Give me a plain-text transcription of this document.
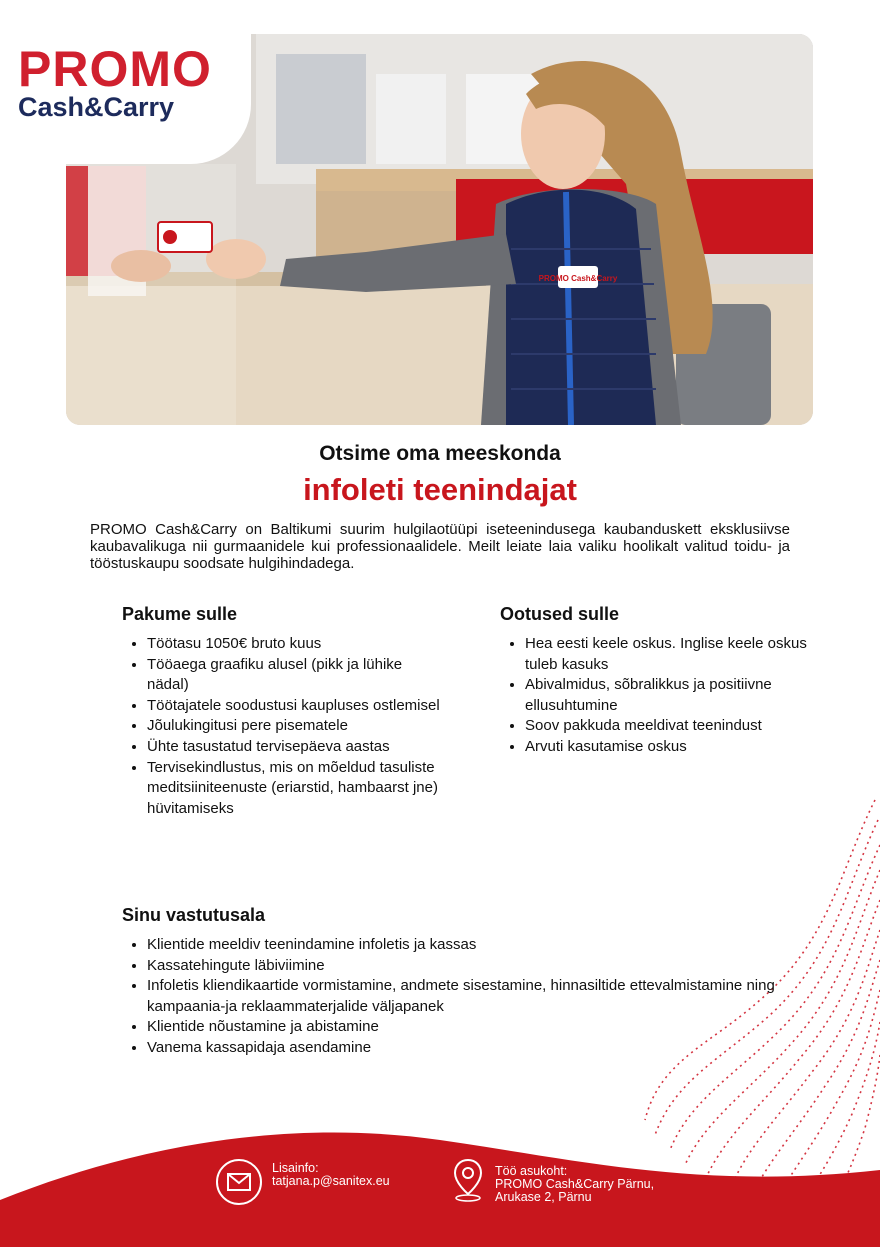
PROMO Cash&Carry
PROMO
Cash&Carry
Otsime oma meeskonda
infoleti teenindajat
PROMO Cash&Carry on Baltikumi suurim hulgilaotüüpi iseteenindusega kaubanduskett eksklusiivse kaubavalikuga nii gurmaanidele kui professionaalidele. Meilt leiate laia valiku hoolikalt valitud toidu- ja tööstuskaupu soodsate hulgihindadega.
Pakume sulle
• Töötasu 1050€ bruto kuus
• Tööaega graafiku alusel (pikk ja lühike nädal)
• Töötajatele soodustusi kaupluses ostlemisel
• Jõulukingitusi pere pisematele
• Ühte tasustatud tervisepäeva aastas
• Tervisekindlustus, mis on mõeldud tasuliste meditsiiniteenuste (eriarstid, hambaarst jne) hüvitamiseks
Ootused sulle
• Hea eesti keele oskus. Inglise keele oskus tuleb kasuks
• Abivalmidus, sõbralikkus ja positiivne ellusuhtumine
• Soov pakkuda meeldivat teenindust
• Arvuti kasutamise oskus
Sinu vastutusala
• Klientide meeldiv teenindamine infoletis ja kassas
• Kassatehingute läbiviimine
• Infoletis kliendikaartide vormistamine, andmete sisestamine, hinnasiltide ettevalmistamine ning kampaania-ja reklaammaterjalide väljapanek
• Klientide nõustamine ja abistamine
• Vanema kassapidaja asendamine
Lisainfo:
tatjana.p@sanitex.eu
Töö asukoht:
PROMO Cash&Carry Pärnu,
Arukase 2, Pärnu
